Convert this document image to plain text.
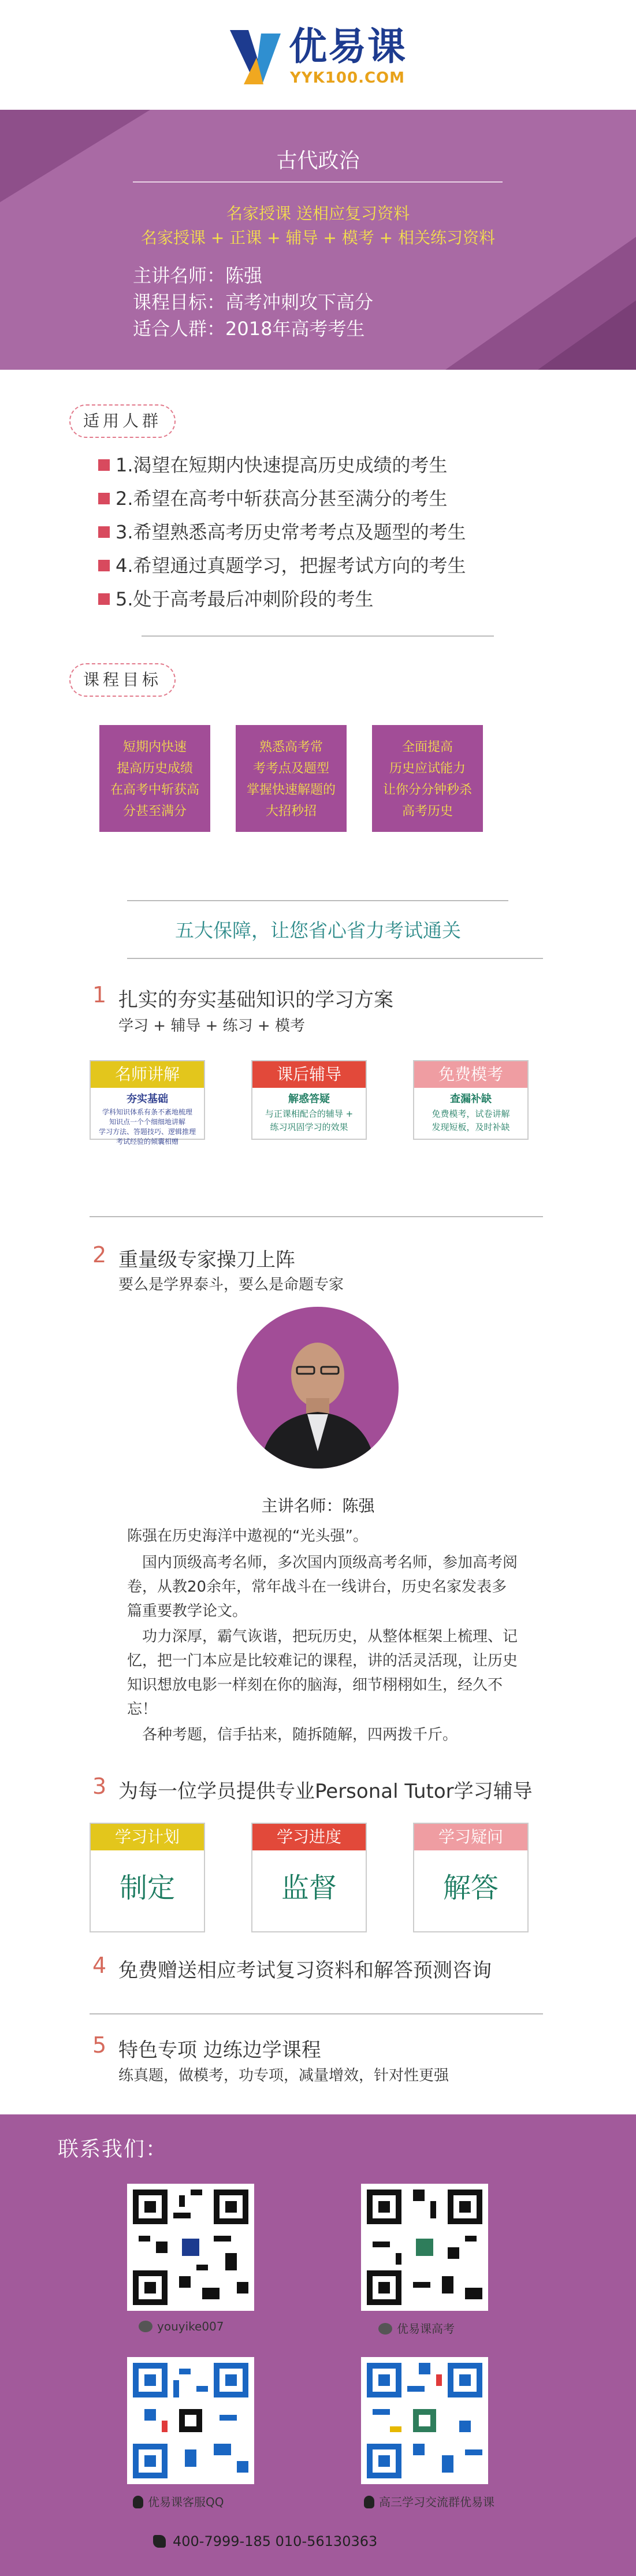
优易课
YYK100.COM
古代政治
名家授课 送相应复习资料
名家授课 + 正课 + 辅导 + 模考 + 相关练习资料
主讲名师：陈强
课程目标：高考冲刺攻下高分
适合人群：2018年高考考生
适用人群
1.渴望在短期内快速提高历史成绩的考生
2.希望在高考中斩获高分甚至满分的考生
3.希望熟悉高考历史常考考点及题型的考生
4.希望通过真题学习，把握考试方向的考生
5.处于高考最后冲刺阶段的考生
课程目标
短期内快速
提高历史成绩
在高考中斩获高
分甚至满分
熟悉高考常
考考点及题型
掌握快速解题的
大招秒招
全面提高
历史应试能力
让你分分钟秒杀
高考历史
五大保障，让您省心省力考试通关
1 扎实的夯实基础知识的学习方案
学习 + 辅导 + 练习 + 模考
名师讲解
夯实基础
学科知识体系有条不紊地梳理
知识点一个个细细地讲解
学习方法、答题技巧、逻辑推理
考试经验的倾囊相赠
课后辅导
解惑答疑
与正课相配合的辅导 +
练习巩固学习的效果
免费模考
查漏补缺
免费模考，试卷讲解
发现短板，及时补缺
2 重量级专家操刀上阵
要么是学界泰斗，要么是命题专家
主讲名师：陈强
陈强在历史海洋中遨视的“光头强”。
国内顶级高考名师，多次国内顶级高考名师，参加高考阅卷，从教20余年，常年战斗在一线讲台，历史名家发表多篇重要教学论文。
功力深厚，霸气诙谐，把玩历史，从整体框架上梳理、记忆，把一门本应是比较难记的课程，讲的活灵活现，让历史知识想放电影一样刻在你的脑海，细节栩栩如生，经久不忘！
各种考题，信手拈来，随拆随解，四两拨千斤。
3 为每一位学员提供专业Personal Tutor学习辅导
学习计划
制定
学习进度
监督
学习疑问
解答
4 免费赠送相应考试复习资料和解答预测咨询
5 特色专项 边练边学课程
练真题，做模考，功专项，减量增效，针对性更强
联系我们：
youyike007	优易课高考
优易课客服QQ	高三学习交流群优易课
400-7999-185 010-56130363
